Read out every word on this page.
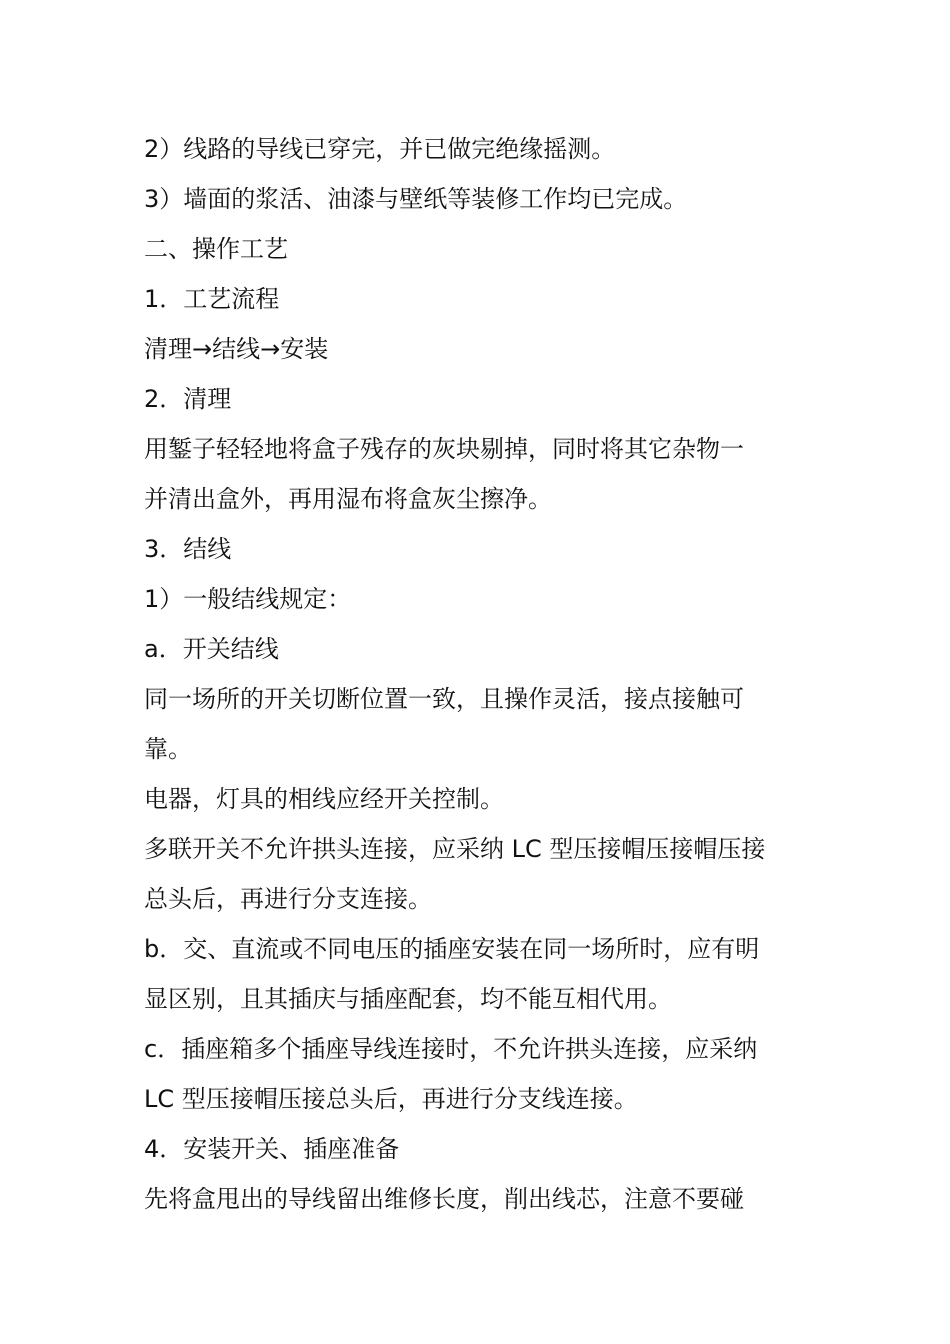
2）线路的导线已穿完，并已做完绝缘摇测。
3）墙面的浆活、油漆与壁纸等装修工作均已完成。
二、操作工艺
1．工艺流程
清理→结线→安装
2．清理
用錾子轻轻地将盒子残存的灰块剔掉，同时将其它杂物一
并清出盒外，再用湿布将盒灰尘擦净。
3．结线
1）一般结线规定：
a．开关结线
同一场所的开关切断位置一致，且操作灵活，接点接触可
靠。
电器，灯具的相线应经开关控制。
多联开关不允许拱头连接，应采纳 LC 型压接帽压接帽压接
总头后，再进行分支连接。
b．交、直流或不同电压的插座安装在同一场所时，应有明
显区别，且其插庆与插座配套，均不能互相代用。
c．插座箱多个插座导线连接时，不允许拱头连接，应采纳
LC 型压接帽压接总头后，再进行分支线连接。
4．安装开关、插座准备
先将盒甩出的导线留出维修长度，削出线芯，注意不要碰
